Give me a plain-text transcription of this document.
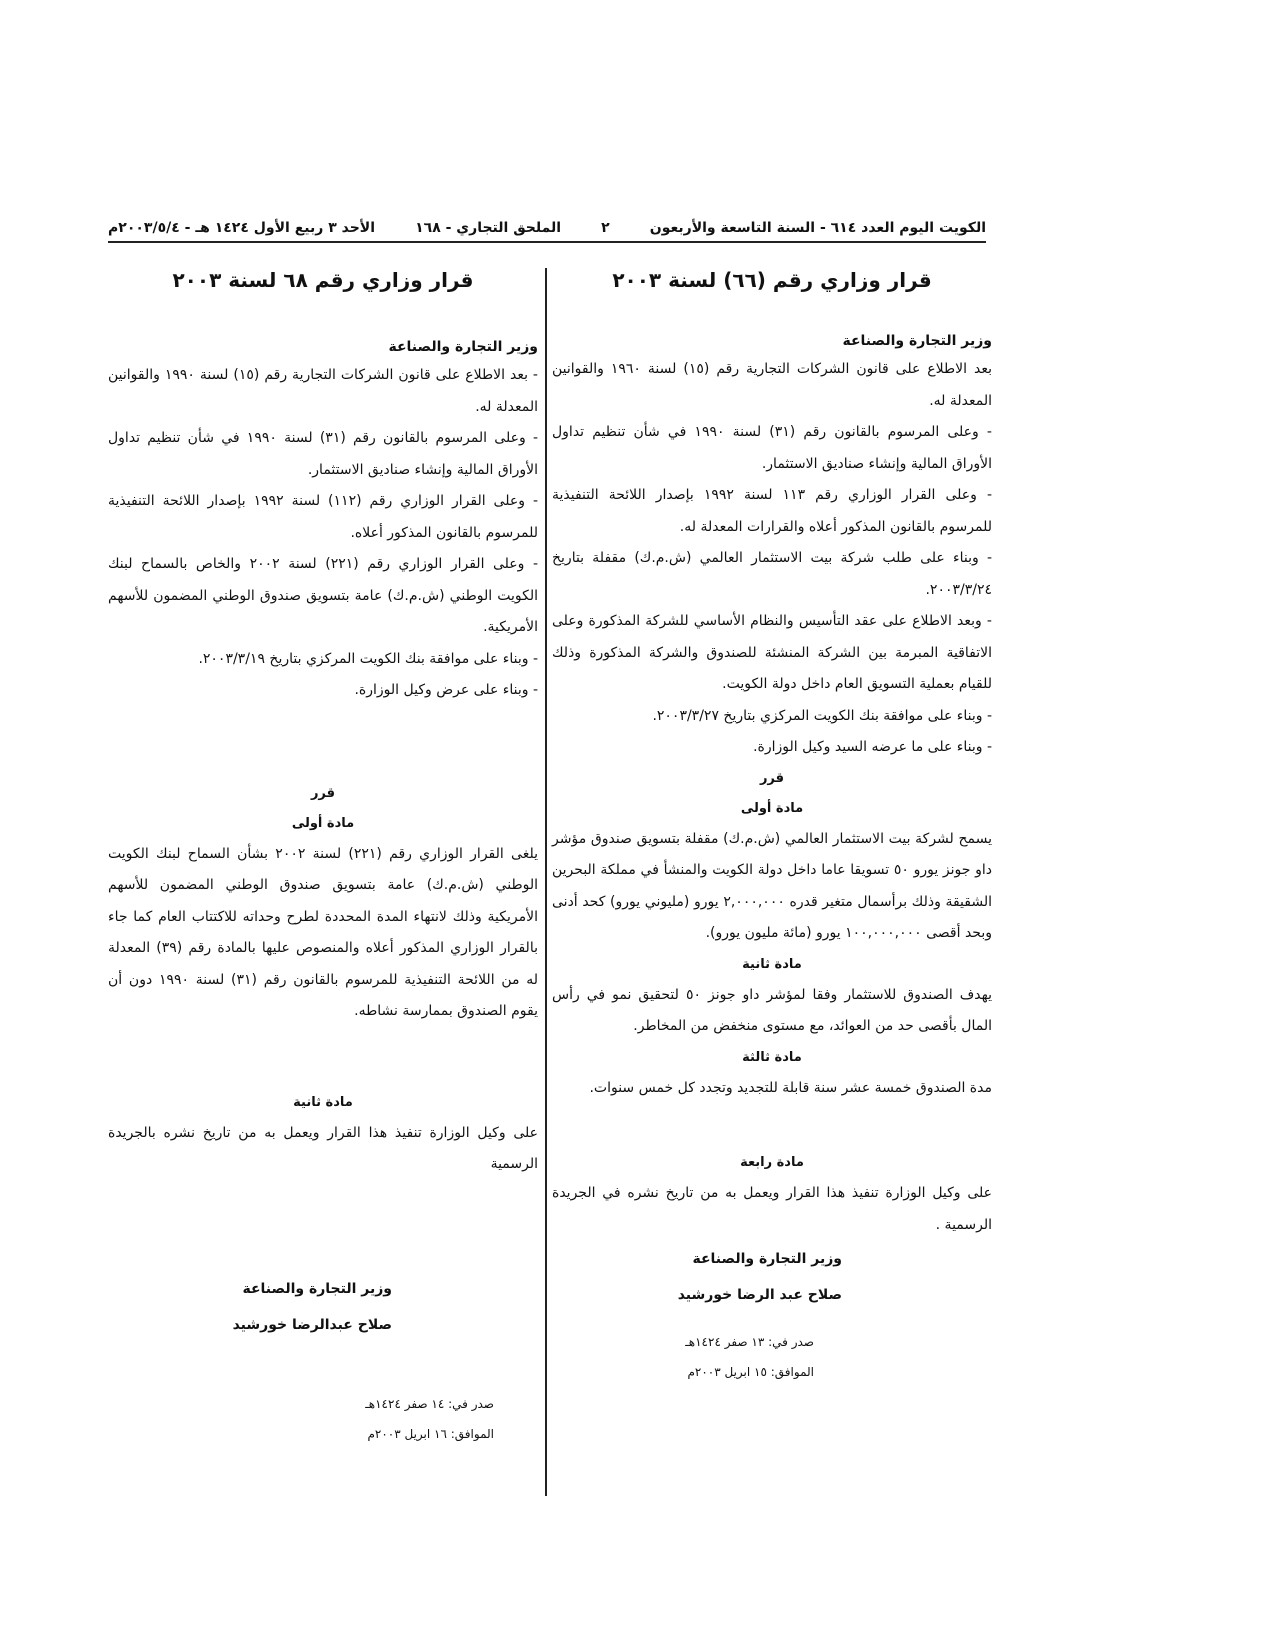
الكويت اليوم العدد ٦١٤ - السنة التاسعة والأربعون
٢
الملحق التجاري - ١٦٨
الأحد ٣ ربيع الأول ١٤٢٤ هـ - ٢٠٠٣/٥/٤م
قرار وزاري رقم (٦٦) لسنة ٢٠٠٣

وزير التجارة والصناعة

بعد الاطلاع على قانون الشركات التجارية رقم (١٥) لسنة ١٩٦٠ والقوانين المعدلة له.

- وعلى المرسوم بالقانون رقم (٣١) لسنة ١٩٩٠ في شأن تنظيم تداول الأوراق المالية وإنشاء صناديق الاستثمار.

- وعلى القرار الوزاري رقم ١١٣ لسنة ١٩٩٢ بإصدار اللائحة التنفيذية للمرسوم بالقانون المذكور أعلاه والقرارات المعدلة له.

- وبناء على طلب شركة بيت الاستثمار العالمي (ش.م.ك) مقفلة بتاريخ ٢٠٠٣/٣/٢٤.

- وبعد الاطلاع على عقد التأسيس والنظام الأساسي للشركة المذكورة وعلى الاتفاقية المبرمة بين الشركة المنشئة للصندوق والشركة المذكورة وذلك للقيام بعملية التسويق العام داخل دولة الكويت.

- وبناء على موافقة بنك الكويت المركزي بتاريخ ٢٠٠٣/٣/٢٧.

- وبناء على ما عرضه السيد وكيل الوزارة.

قرر

مادة أولى

يسمح لشركة بيت الاستثمار العالمي (ش.م.ك) مقفلة بتسويق صندوق مؤشر داو جونز يورو ٥٠ تسويقا عاما داخل دولة الكويت والمنشأ في مملكة البحرين الشقيقة وذلك برأسمال متغير قدره ٢,٠٠٠,٠٠٠ يورو (مليوني يورو) كحد أدنى وبحد أقصى ١٠٠,٠٠٠,٠٠٠ يورو (مائة مليون يورو).

مادة ثانية

يهدف الصندوق للاستثمار وفقا لمؤشر داو جونز ٥٠ لتحقيق نمو في رأس المال بأقصى حد من العوائد، مع مستوى منخفض من المخاطر.

مادة ثالثة

مدة الصندوق خمسة عشر سنة قابلة للتجديد وتجدد كل خمس سنوات.

مادة رابعة

على وكيل الوزارة تنفيذ هذا القرار ويعمل به من تاريخ نشره في الجريدة الرسمية .

وزير التجارة والصناعة

صلاح عبد الرضا خورشيد

صدر في: ١٣ صفر ١٤٢٤هـ

الموافق: ١٥ ابريل ٢٠٠٣م

قرار وزاري رقم ٦٨ لسنة ٢٠٠٣

وزير التجارة والصناعة

- بعد الاطلاع على قانون الشركات التجارية رقم (١٥) لسنة ١٩٩٠ والقوانين المعدلة له.

- وعلى المرسوم بالقانون رقم (٣١) لسنة ١٩٩٠ في شأن تنظيم تداول الأوراق المالية وإنشاء صناديق الاستثمار.

- وعلى القرار الوزاري رقم (١١٢) لسنة ١٩٩٢ بإصدار اللائحة التنفيذية للمرسوم بالقانون المذكور أعلاه.

- وعلى القرار الوزاري رقم (٢٢١) لسنة ٢٠٠٢ والخاص بالسماح لبنك الكويت الوطني (ش.م.ك) عامة بتسويق صندوق الوطني المضمون للأسهم الأمريكية.

- وبناء على موافقة بنك الكويت المركزي بتاريخ ٢٠٠٣/٣/١٩.

- وبناء على عرض وكيل الوزارة.

قرر

مادة أولى

يلغى القرار الوزاري رقم (٢٢١) لسنة ٢٠٠٢ بشأن السماح لبنك الكويت الوطني (ش.م.ك) عامة بتسويق صندوق الوطني المضمون للأسهم الأمريكية وذلك لانتهاء المدة المحددة لطرح وحداته للاكتتاب العام كما جاء بالقرار الوزاري المذكور أعلاه والمنصوص عليها بالمادة رقم (٣٩) المعدلة له من اللائحة التنفيذية للمرسوم بالقانون رقم (٣١) لسنة ١٩٩٠ دون أن يقوم الصندوق بممارسة نشاطه.

مادة ثانية

على وكيل الوزارة تنفيذ هذا القرار ويعمل به من تاريخ نشره بالجريدة الرسمية

وزير التجارة والصناعة

صلاح عبدالرضا خورشيد

صدر في: ١٤ صفر ١٤٢٤هـ

الموافق: ١٦ ابريل ٢٠٠٣م
